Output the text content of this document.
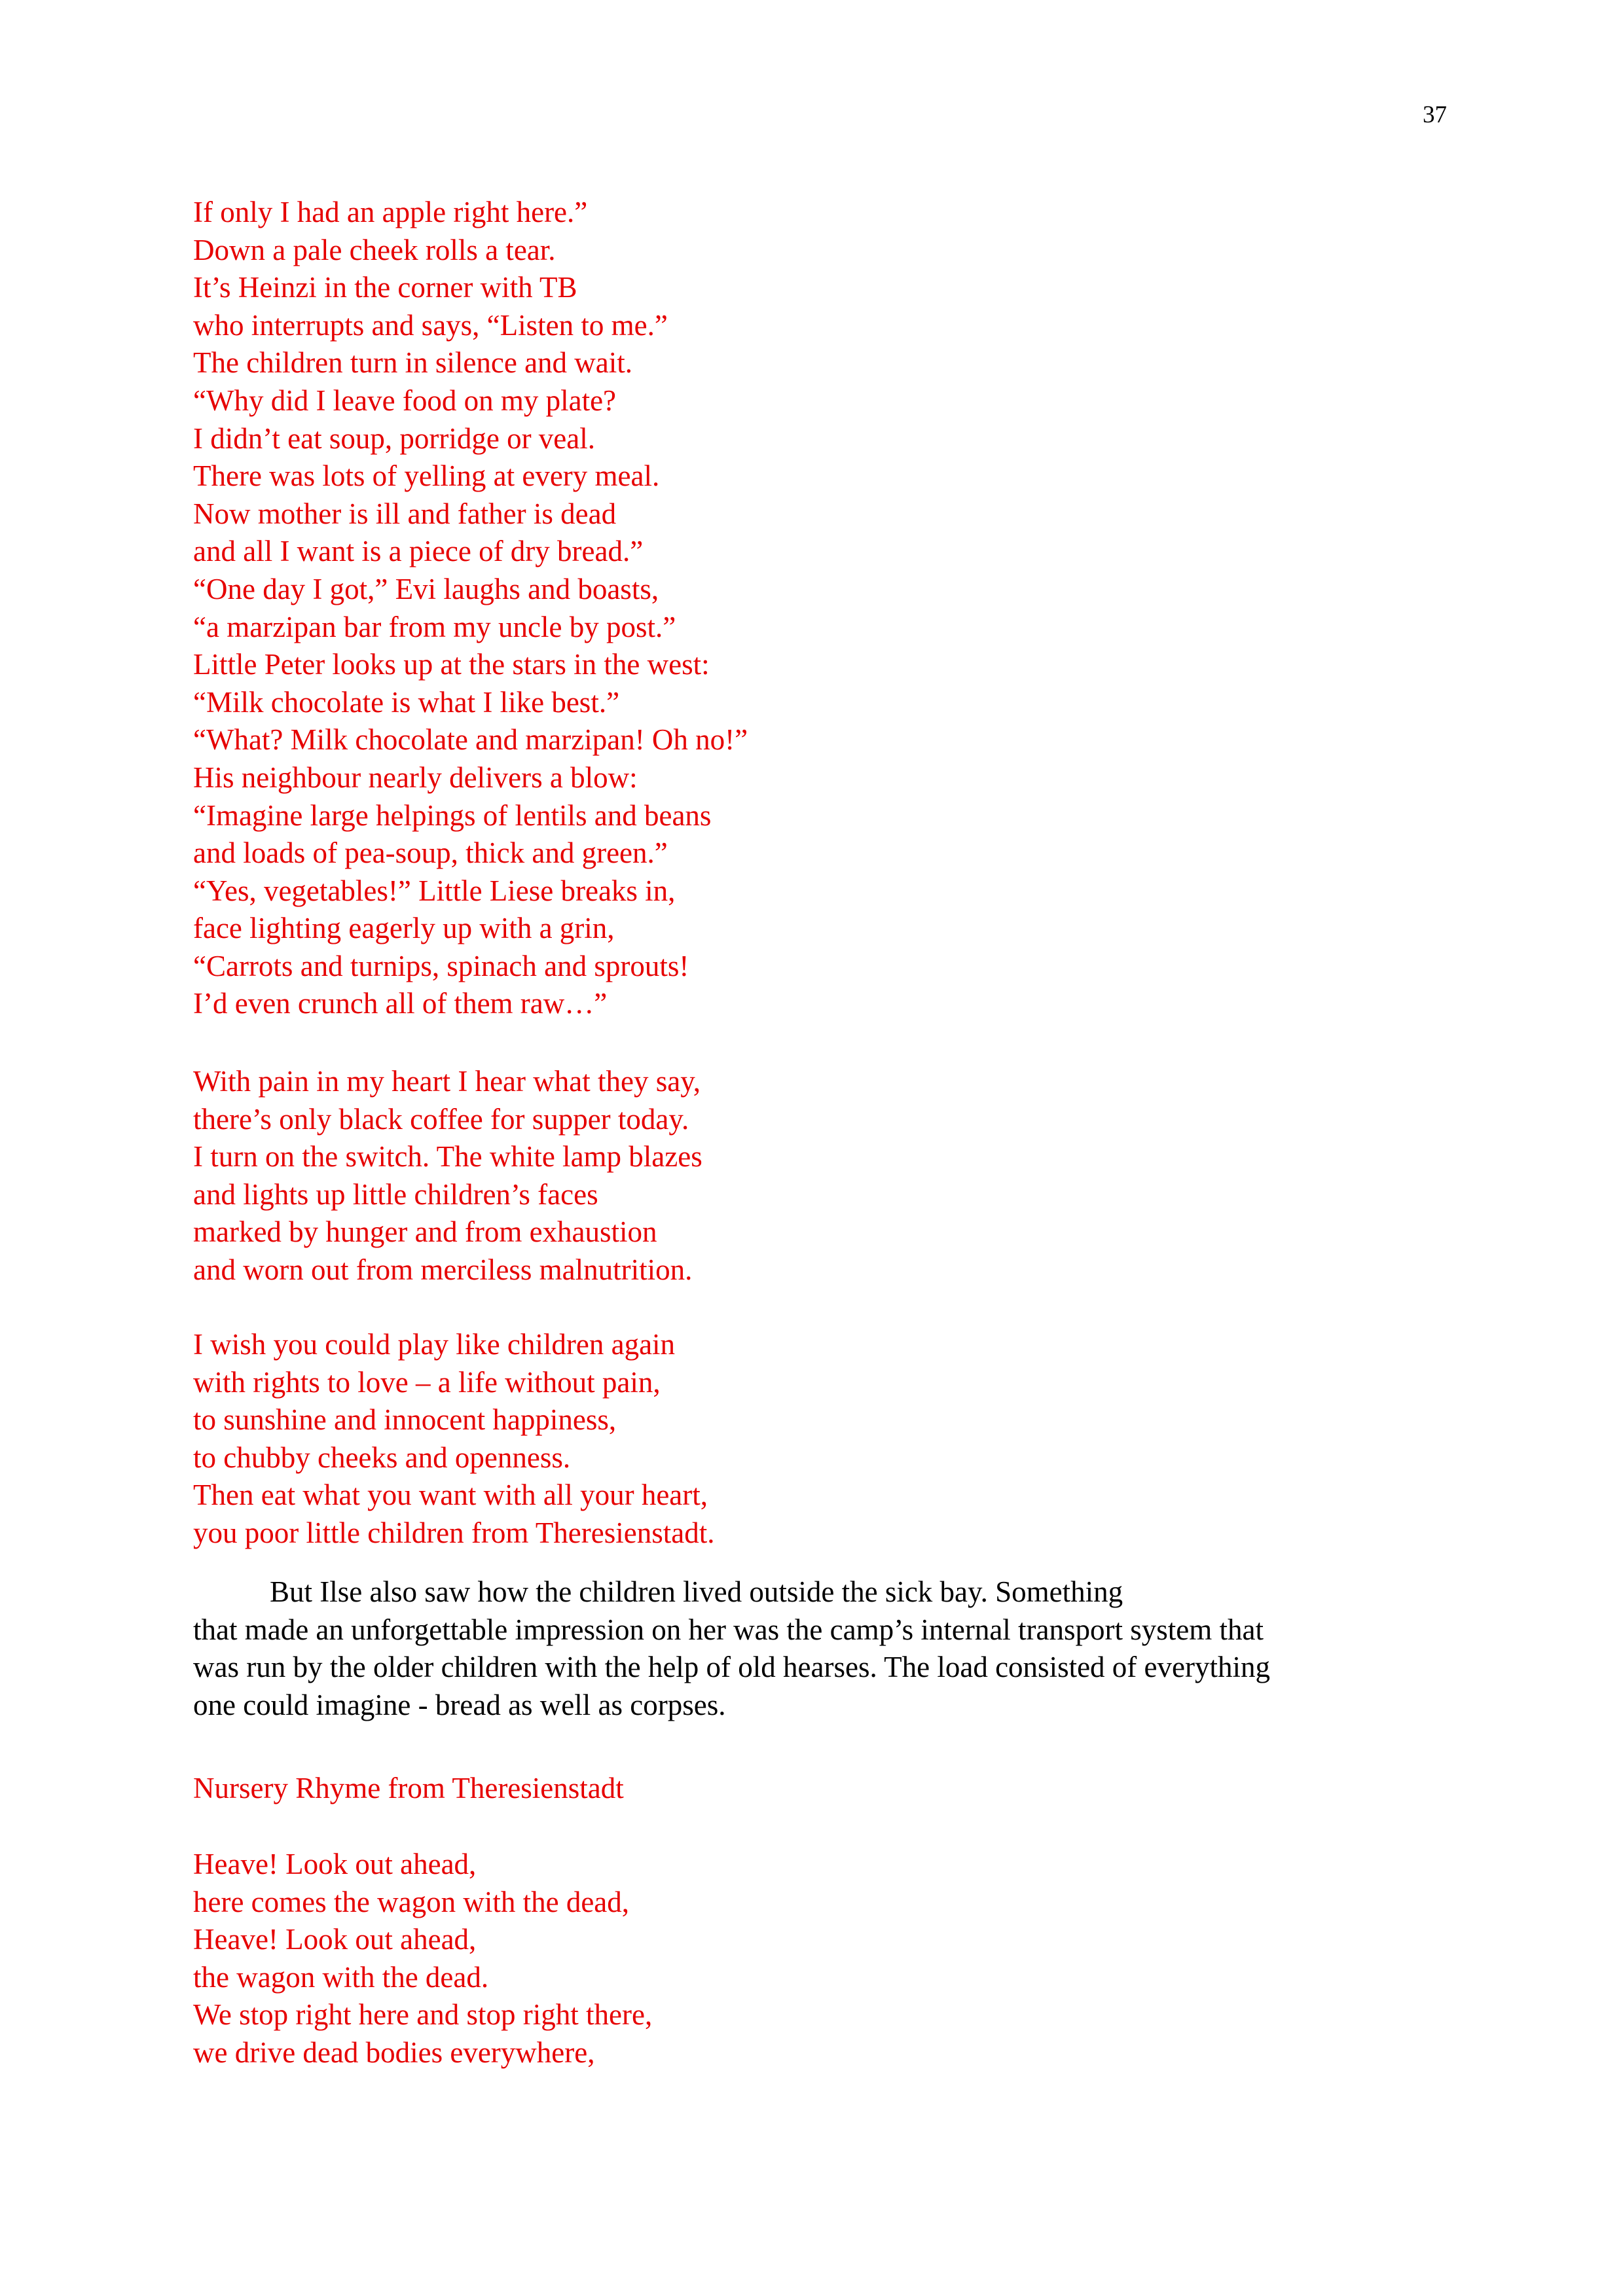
37
If only I had an apple right here.”
Down a pale cheek rolls a tear.
It’s Heinzi in the corner with TB
who interrupts and says, “Listen to me.”
The children turn in silence and wait.
“Why did I leave food on my plate?
I didn’t eat soup, porridge or veal.
There was lots of yelling at every meal.
Now mother is ill and father is dead
and all I want is a piece of dry bread.”
“One day I got,” Evi laughs and boasts,
“a marzipan bar from my uncle by post.”
Little Peter looks up at the stars in the west:
“Milk chocolate is what I like best.”
“What? Milk chocolate and marzipan! Oh no!”
His neighbour nearly delivers a blow:
“Imagine large helpings of lentils and beans
and loads of pea-soup, thick and green.”
“Yes, vegetables!” Little Liese breaks in,
face lighting eagerly up with a grin,
“Carrots and turnips, spinach and sprouts!
I’d even crunch all of them raw…”
With pain in my heart I hear what they say,
there’s only black coffee for supper today.
I turn on the switch. The white lamp blazes
and lights up little children’s faces
marked by hunger and from exhaustion
and worn out from merciless malnutrition.
I wish you could play like children again
with rights to love – a life without pain,
to sunshine and innocent happiness,
to chubby cheeks and openness.
Then eat what you want with all your heart,
you poor little children from Theresienstadt.
But Ilse also saw how the children lived outside the sick bay. Something
that made an unforgettable impression on her was the camp’s internal transport system that
was run by the older children with the help of old hearses. The load consisted of everything
one could imagine - bread as well as corpses.
Nursery Rhyme from Theresienstadt
Heave! Look out ahead,
here comes the wagon with the dead,
Heave! Look out ahead,
the wagon with the dead.
We stop right here and stop right there,
we drive dead bodies everywhere,
